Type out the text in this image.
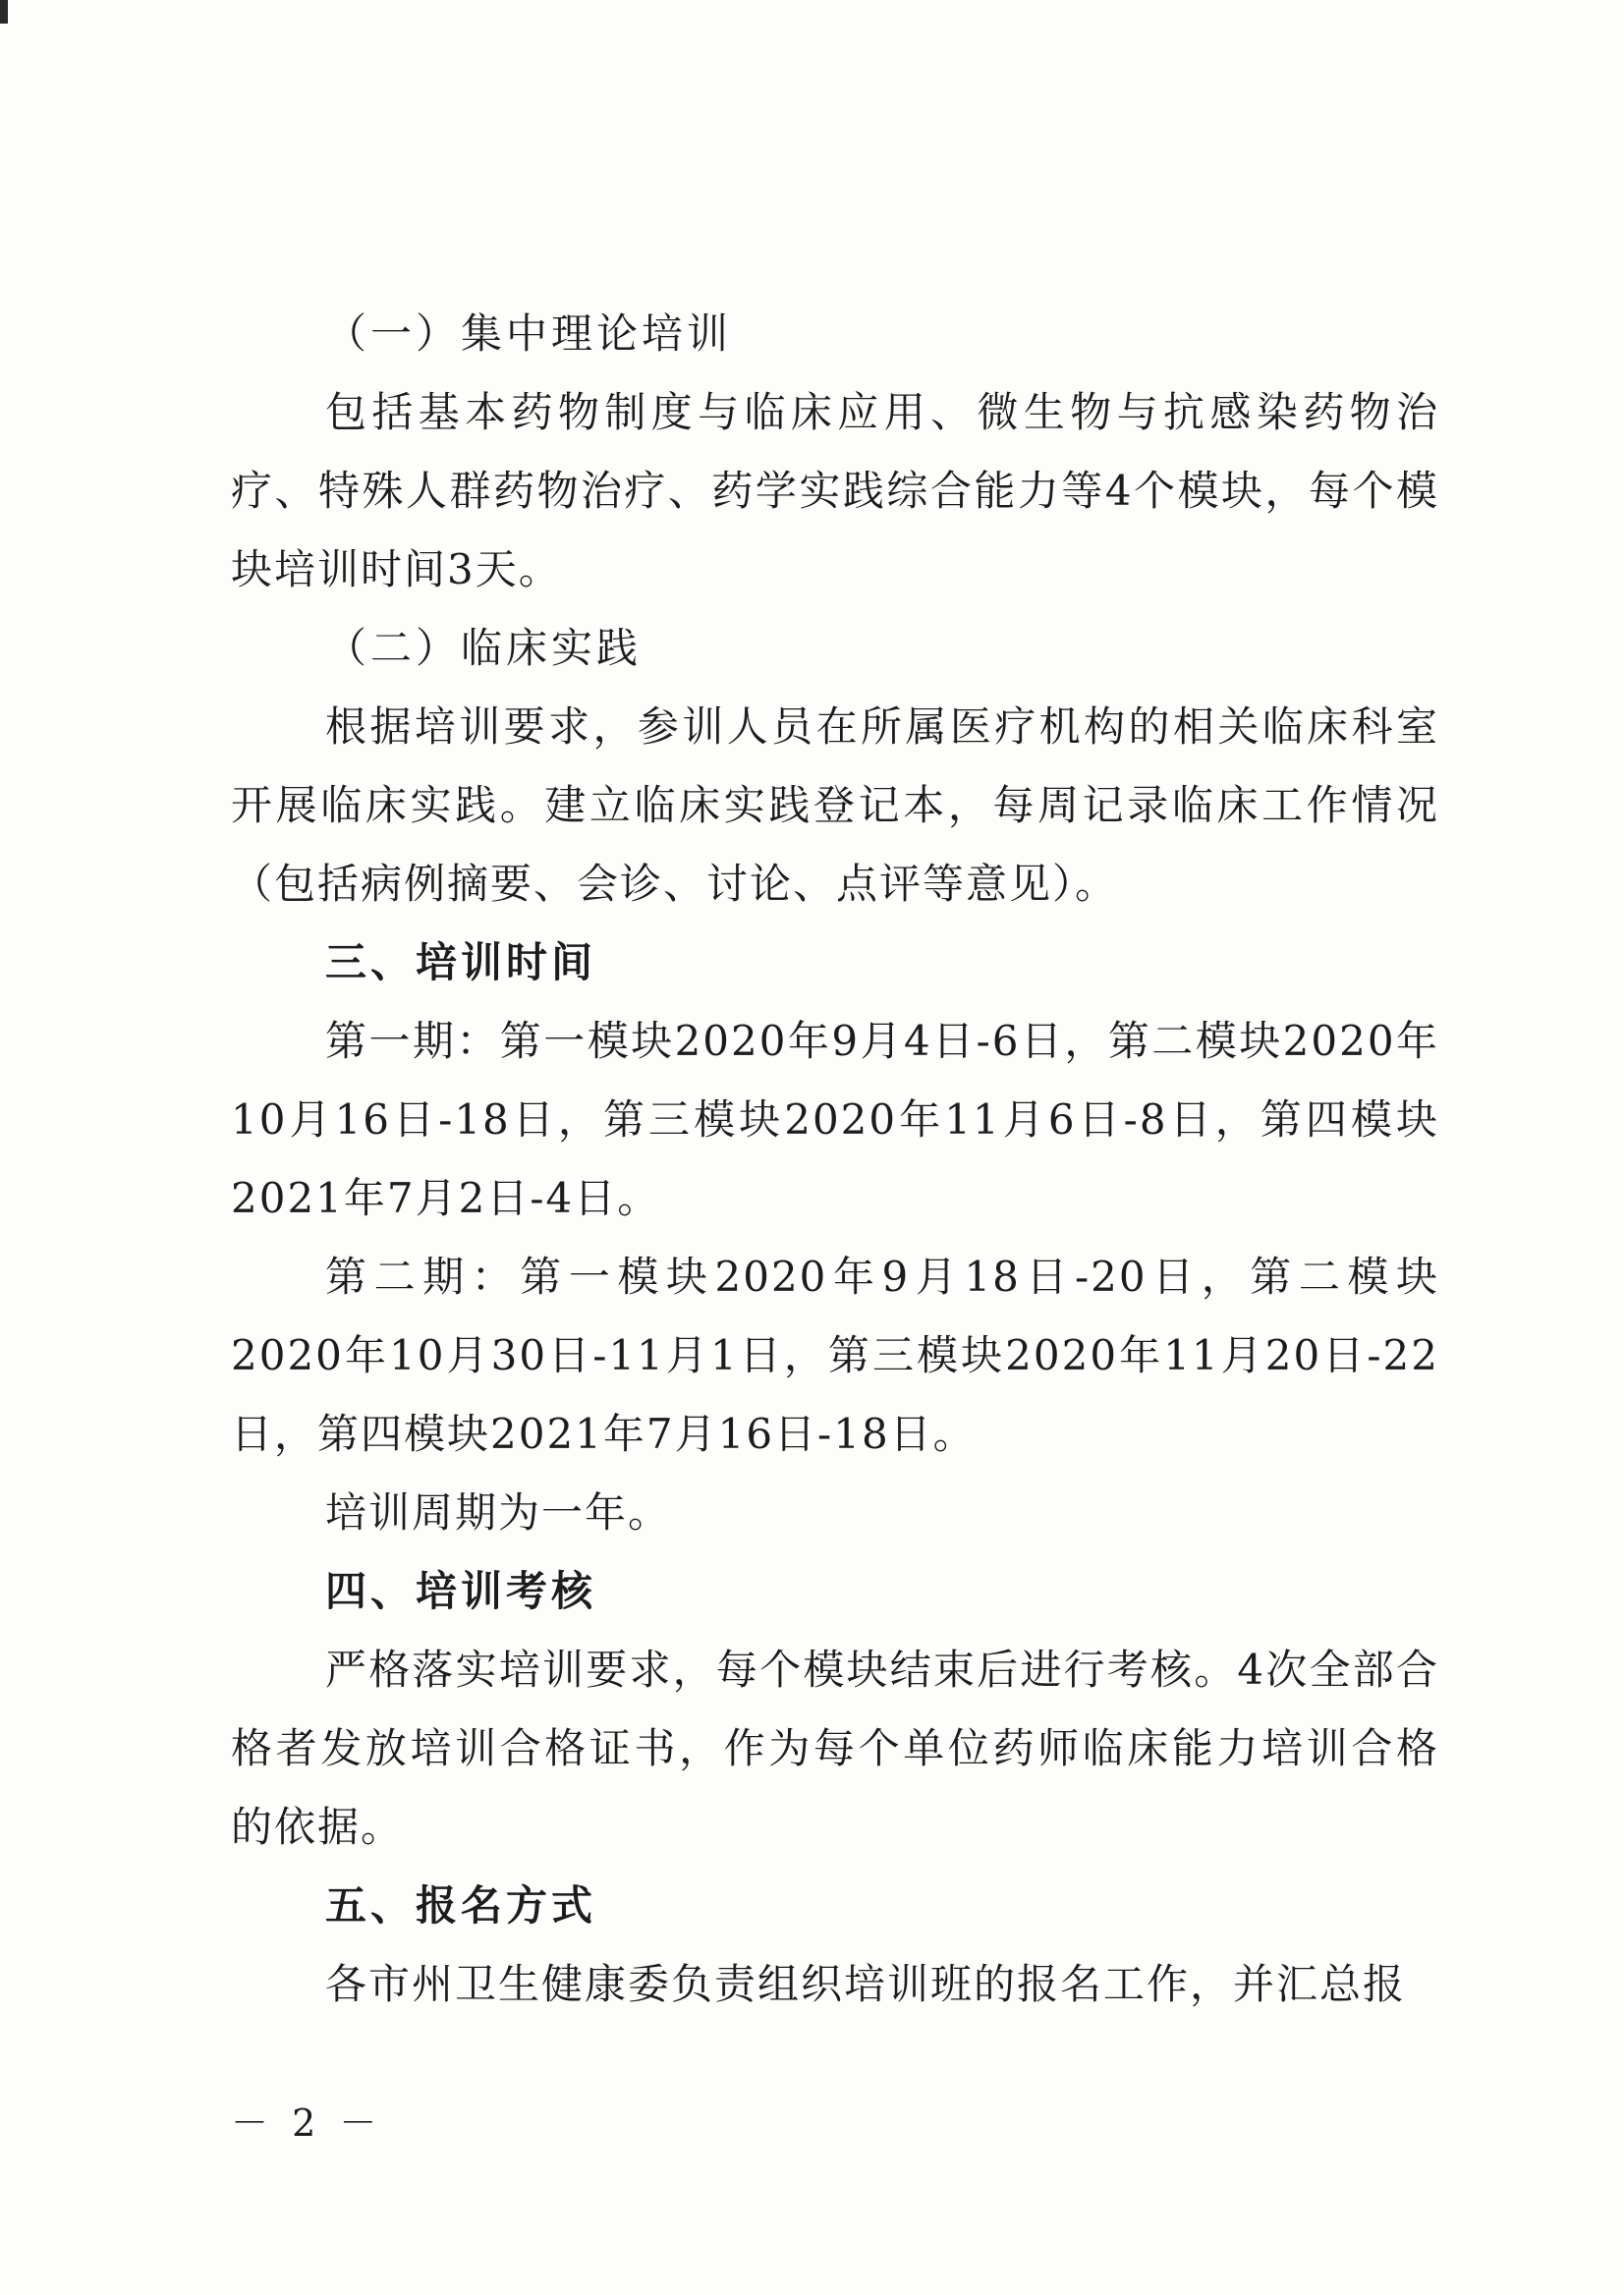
（一）集中理论培训

包括基本药物制度与临床应用、微生物与抗感染药物治疗、特殊人群药物治疗、药学实践综合能力等4个模块，每个模块培训时间3天。

（二）临床实践

根据培训要求，参训人员在所属医疗机构的相关临床科室开展临床实践。建立临床实践登记本，每周记录临床工作情况（包括病例摘要、会诊、讨论、点评等意见）。

三、培训时间

第一期：第一模块2020年9月4日-6日，第二模块2020年10月16日-18日，第三模块2020年11月6日-8日，第四模块2021年7月2日-4日。

第二期：第一模块2020年9月18日-20日，第二模块2020年10月30日-11月1日，第三模块2020年11月20日-22日，第四模块2021年7月16日-18日。

培训周期为一年。

四、培训考核

严格落实培训要求，每个模块结束后进行考核。4次全部合格者发放培训合格证书，作为每个单位药师临床能力培训合格的依据。

五、报名方式

各市州卫生健康委负责组织培训班的报名工作，并汇总报

－ 2 －
